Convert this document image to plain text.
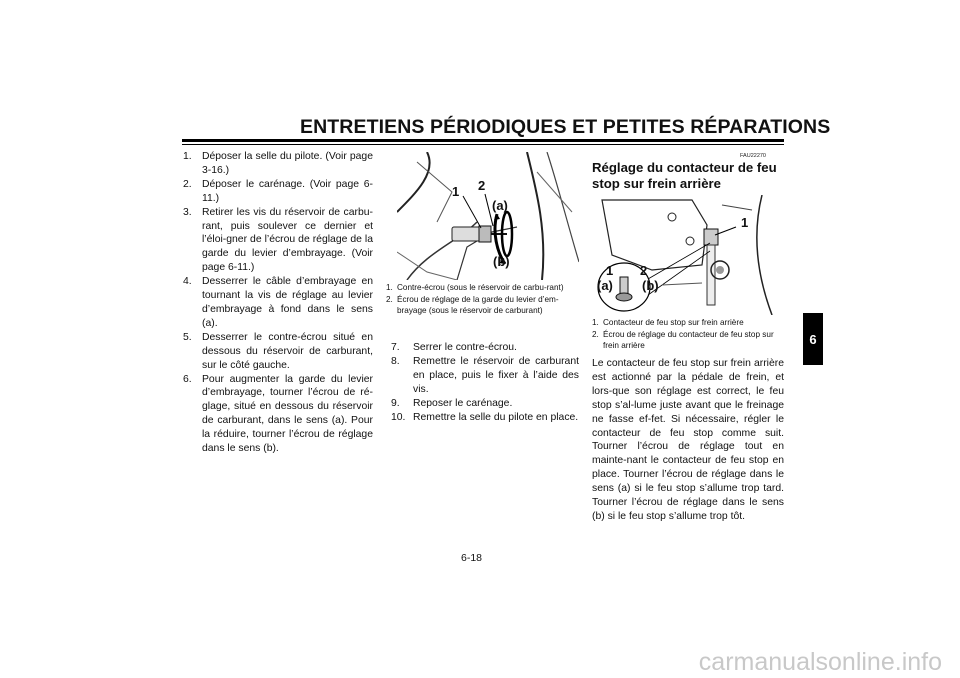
ENTRETIENS PÉRIODIQUES ET PETITES RÉPARATIONS
6
1. Déposer la selle du pilote. (Voir page 3-16.)
2. Déposer le carénage. (Voir page 6-11.)
3. Retirer les vis du réservoir de carbu-rant, puis soulever ce dernier et l’éloi-gner de l’écrou de réglage de la garde du levier d’embrayage. (Voir page 6-11.)
4. Desserrer le câble d’embrayage en tournant la vis de réglage au levier d’embrayage à fond dans le sens (a).
5. Desserrer le contre-écrou situé en dessous du réservoir de carburant, sur le côté gauche.
6. Pour augmenter la garde du levier d’embrayage, tourner l’écrou de ré-glage, situé en dessous du réservoir de carburant, dans le sens (a). Pour la réduire, tourner l’écrou de réglage dans le sens (b).
1 2
(a)
(b)
1. Contre-écrou (sous le réservoir de carbu-rant)
2. Écrou de réglage de la garde du levier d’em-brayage (sous le réservoir de carburant)
7. Serrer le contre-écrou.
8. Remettre le réservoir de carburant en place, puis le fixer à l’aide des vis.
9. Reposer le carénage.
10. Remettre la selle du pilote en place.
FAU22270
Réglage du contacteur de feu stop sur frein arrière
1
1 2
(a) (b)
1. Contacteur de feu stop sur frein arrière
2. Écrou de réglage du contacteur de feu stop sur frein arrière

Le contacteur de feu stop sur frein arrière est actionné par la pédale de frein, et lors-que son réglage est correct, le feu stop s’al-lume juste avant que le freinage ne fasse ef-fet. Si nécessaire, régler le contacteur de feu stop comme suit. Tourner l’écrou de réglage tout en mainte-nant le contacteur de feu stop en place. Tourner l’écrou de réglage dans le sens (a) si le feu stop s’allume trop tard. Tourner l’écrou de réglage dans le sens (b) si le feu stop s’allume trop tôt.

6-18
carmanualsonline.info
